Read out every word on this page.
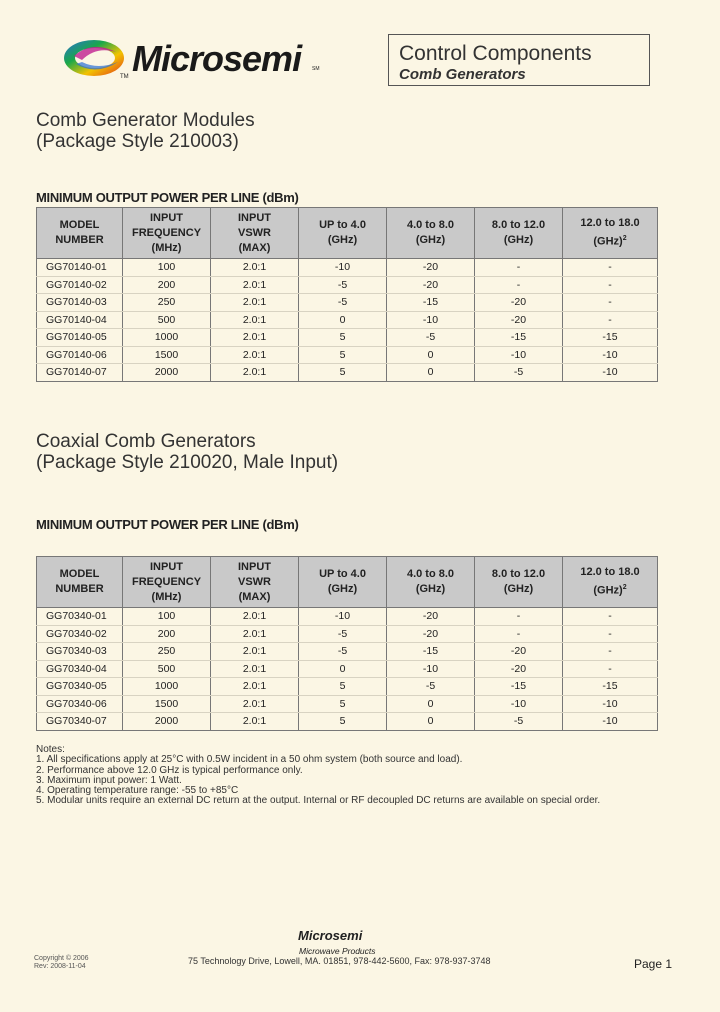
Microsemi
TM
SM
Control Components
Comb Generators
Comb Generator Modules
(Package Style 210003)
MINIMUM OUTPUT POWER PER LINE (dBm)
MODEL
NUMBER	INPUT
FREQUENCY
(MHz)	INPUT
VSWR
(MAX)	UP to 4.0
(GHz)	4.0 to 8.0
(GHz)	8.0 to 12.0
(GHz)	12.0 to 18.0
(GHz)$^2$
GG70140-01	100	2.0:1	-10	-20	-	-
GG70140-02	200	2.0:1	-5	-20	-	-
GG70140-03	250	2.0:1	-5	-15	-20	-
GG70140-04	500	2.0:1	0	-10	-20	-
GG70140-05	1000	2.0:1	5	-5	-15	-15
GG70140-06	1500	2.0:1	5	0	-10	-10
GG70140-07	2000	2.0:1	5	0	-5	-10
Coaxial Comb Generators
(Package Style 210020, Male Input)
MINIMUM OUTPUT POWER PER LINE (dBm)
MODEL
NUMBER	INPUT
FREQUENCY
(MHz)	INPUT
VSWR
(MAX)	UP to 4.0
(GHz)	4.0 to 8.0
(GHz)	8.0 to 12.0
(GHz)	12.0 to 18.0
(GHz)$^2$
GG70340-01	100	2.0:1	-10	-20	-	-
GG70340-02	200	2.0:1	-5	-20	-	-
GG70340-03	250	2.0:1	-5	-15	-20	-
GG70340-04	500	2.0:1	0	-10	-20	-
GG70340-05	1000	2.0:1	5	-5	-15	-15
GG70340-06	1500	2.0:1	5	0	-10	-10
GG70340-07	2000	2.0:1	5	0	-5	-10
Notes:
1. All specifications apply at 25°C with 0.5W incident in a 50 ohm system (both source and load).
2. Performance above 12.0 GHz is typical performance only.
3. Maximum input power: 1 Watt.
4. Operating temperature range: -55 to +85°C
5. Modular units require an external DC return at the output. Internal or RF decoupled DC returns are available on special order.
Copyright © 2006
Rev: 2008-11-04
Microsemi
Microwave Products
75 Technology Drive, Lowell, MA. 01851, 978-442-5600, Fax: 978-937-3748	Page 1
